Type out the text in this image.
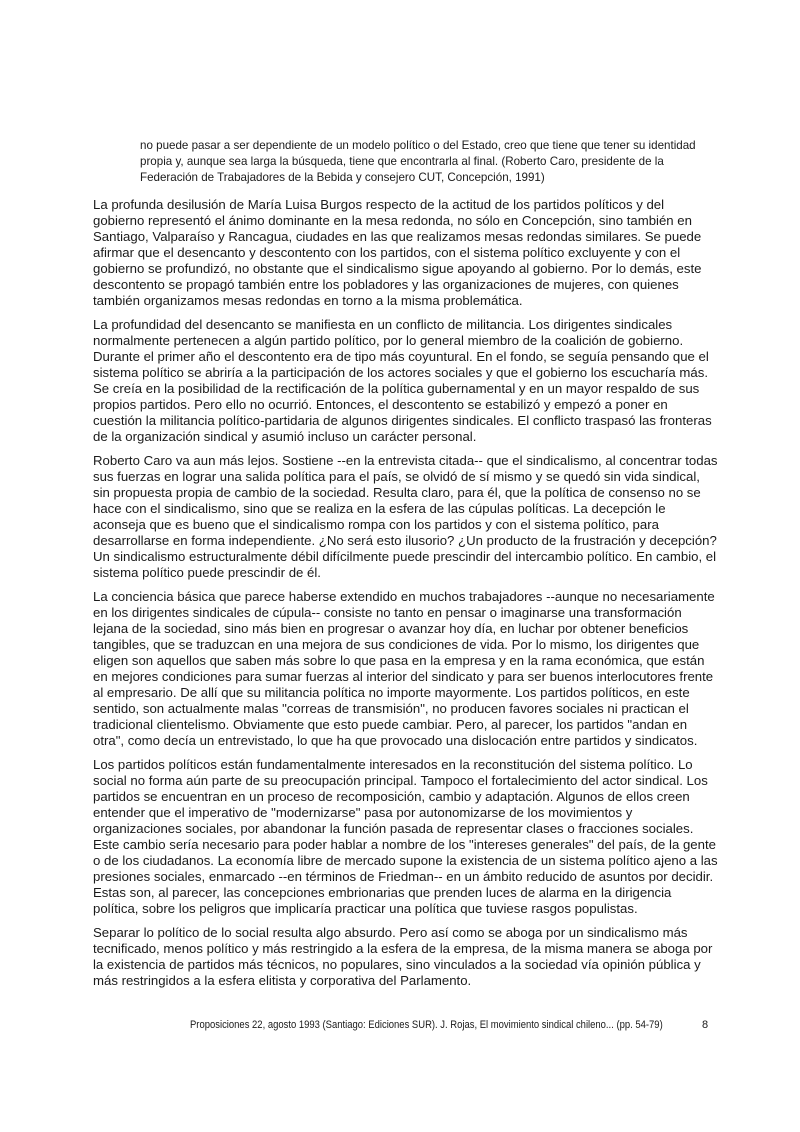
no puede pasar a ser dependiente de un modelo político o del Estado, creo que tiene que tener su identidad propia y, aunque sea larga la búsqueda, tiene que encontrarla al final. (Roberto Caro, presidente de la Federación de Trabajadores de la Bebida y consejero CUT, Concepción, 1991)

La profunda desilusión de María Luisa Burgos respecto de la actitud de los partidos políticos y del gobierno representó el ánimo dominante en la mesa redonda, no sólo en Concepción, sino también en Santiago, Valparaíso y Rancagua, ciudades en las que realizamos mesas redondas similares. Se puede afirmar que el desencanto y descontento con los partidos, con el sistema político excluyente y con el gobierno se profundizó, no obstante que el sindicalismo sigue apoyando al gobierno. Por lo demás, este descontento se propagó también entre los pobladores y las organizaciones de mujeres, con quienes también organizamos mesas redondas en torno a la misma problemática.

La profundidad del desencanto se manifiesta en un conflicto de militancia. Los dirigentes sindicales normalmente pertenecen a algún partido político, por lo general miembro de la coalición de gobierno. Durante el primer año el descontento era de tipo más coyuntural. En el fondo, se seguía pensando que el sistema político se abriría a la participación de los actores sociales y que el gobierno los escucharía más. Se creía en la posibilidad de la rectificación de la política gubernamental y en un mayor respaldo de sus propios partidos. Pero ello no ocurrió. Entonces, el descontento se estabilizó y empezó a poner en cuestión la militancia político-partidaria de algunos dirigentes sindicales. El conflicto traspasó las fronteras de la organización sindical y asumió incluso un carácter personal.

Roberto Caro va aun más lejos. Sostiene --en la entrevista citada-- que el sindicalismo, al concentrar todas sus fuerzas en lograr una salida política para el país, se olvidó de sí mismo y se quedó sin vida sindical, sin propuesta propia de cambio de la sociedad. Resulta claro, para él, que la política de consenso no se hace con el sindicalismo, sino que se realiza en la esfera de las cúpulas políticas. La decepción le aconseja que es bueno que el sindicalismo rompa con los partidos y con el sistema político, para desarrollarse en forma independiente. ¿No será esto ilusorio? ¿Un producto de la frustración y decepción? Un sindicalismo estructuralmente débil difícilmente puede prescindir del intercambio político. En cambio, el sistema político puede prescindir de él.

La conciencia básica que parece haberse extendido en muchos trabajadores --aunque no necesariamente en los dirigentes sindicales de cúpula-- consiste no tanto en pensar o imaginarse una transformación lejana de la sociedad, sino más bien en progresar o avanzar hoy día, en luchar por obtener beneficios tangibles, que se traduzcan en una mejora de sus condiciones de vida. Por lo mismo, los dirigentes que eligen son aquellos que saben más sobre lo que pasa en la empresa y en la rama económica, que están en mejores condiciones para sumar fuerzas al interior del sindicato y para ser buenos interlocutores frente al empresario. De allí que su militancia política no importe mayormente. Los partidos políticos, en este sentido, son actualmente malas "correas de transmisión", no producen favores sociales ni practican el tradicional clientelismo. Obviamente que esto puede cambiar. Pero, al parecer, los partidos "andan en otra", como decía un entrevistado, lo que ha que provocado una dislocación entre partidos y sindicatos.

Los partidos políticos están fundamentalmente interesados en la reconstitución del sistema político. Lo social no forma aún parte de su preocupación principal. Tampoco el fortalecimiento del actor sindical. Los partidos se encuentran en un proceso de recomposición, cambio y adaptación. Algunos de ellos creen entender que el imperativo de "modernizarse" pasa por autonomizarse de los movimientos y organizaciones sociales, por abandonar la función pasada de representar clases o fracciones sociales. Este cambio sería necesario para poder hablar a nombre de los "intereses generales" del país, de la gente o de los ciudadanos. La economía libre de mercado supone la existencia de un sistema político ajeno a las presiones sociales, enmarcado --en términos de Friedman-- en un ámbito reducido de asuntos por decidir. Estas son, al parecer, las concepciones embrionarias que prenden luces de alarma en la dirigencia política, sobre los peligros que implicaría practicar una política que tuviese rasgos populistas.

Separar lo político de lo social resulta algo absurdo. Pero así como se aboga por un sindicalismo más tecnificado, menos político y más restringido a la esfera de la empresa, de la misma manera se aboga por la existencia de partidos más técnicos, no populares, sino vinculados a la sociedad vía opinión pública y más restringidos a la esfera elitista y corporativa del Parlamento.

Proposiciones 22, agosto 1993 (Santiago: Ediciones SUR). J. Rojas, El movimiento sindical chileno... (pp. 54-79)	8
